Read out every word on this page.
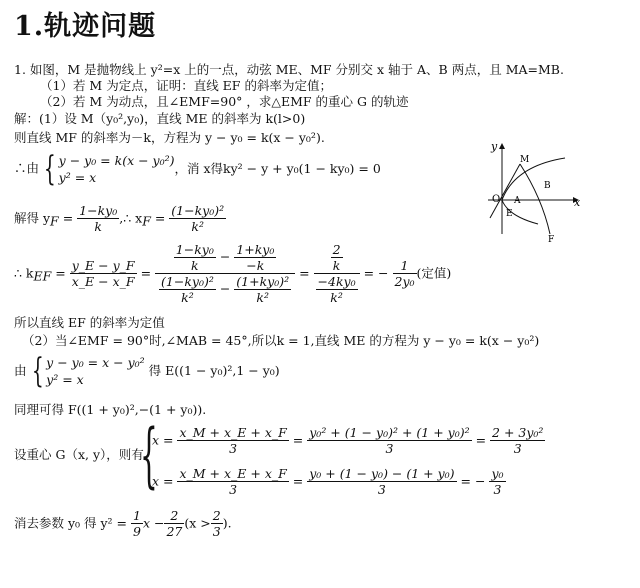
1.轨迹问题
1. 如图，M 是抛物线上 y²=x 上的一点，动弦 ME、MF 分别交 x 轴于 A、B 两点，且 MA=MB.
（1）若 M 为定点，证明：直线 EF 的斜率为定值；
（2）若 M 为动点，且∠EMF=90° ，求△EMF 的重心 G 的轨迹
解：(1）设 M（y₀²,y₀)，直线 ME 的斜率为 k(l>0)
则直线 MF 的斜率为－k，方程为 y − y₀ = k(x − y₀²).
∴由 { y − y₀ = k(x − y₀²)
y² = x
，消 x得ky² − y + y₀(1 − ky₀) = 0
解得 $y_F = \frac{\text{1−ky₀}}{k}$ ,∴ $x_F = \frac{\text{(1−ky₀)²}}{\text{k²}}$
∴ $k_{EF} = \frac{y\_E - y\_F}{x\_E - x\_F} = \frac{\frac{\text{1−ky₀}}{k} - \frac{\text{1+ky₀}}{-k}}{\frac{\text{(1−ky₀)²}}{\text{k²}} - \frac{\text{(1+ky₀)²}}{\text{k²}}} = \frac{\frac{2}{k}}{\frac{\text{−4ky₀}}{\text{k²}}}$ = − $\frac{1}{\text{2y₀}}$ (定值)
所以直线 EF 的斜率为定值
（2）当∠EMF = 90°时,∠MAB = 45°,所以k = 1,直线 ME 的方程为 y − y₀ = k(x − y₀²)
由 { y − y₀ = x − y₀²
y² = x
得 E((1 − y₀)²,1 − y₀)
同理可得 F((1 + y₀)²,−(1 + y₀)).
设重心 G（x, y），则有
{
$x = \frac{x\_M + x\_E + x\_F}{3} = \frac{\text{y₀² + (1 − y₀)² + (1 + y₀)²}}{3} = \frac{\text{2 + 3y₀²}}{3}$
$x = \frac{x\_M + x\_E + x\_F}{3} = \frac{\text{y₀ + (1 − y₀) − (1 + y₀)}}{3}$ = − $\frac{\text{y₀}}{3}$
消去参数 y₀ 得 $y^2 = \frac{1}{9}$ $x - \frac{2}{27} (x > \frac{2}{3}$ ).
y
x
O A
B
M
E
F
